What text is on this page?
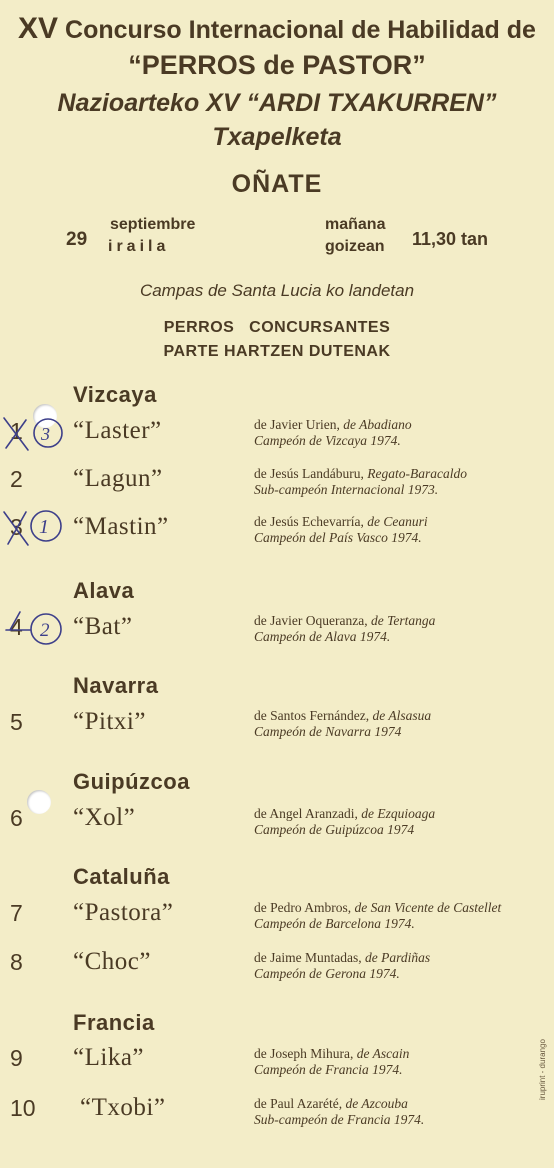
XV Concurso Internacional de Habilidad de
“PERROS de PASTOR”
Nazioarteko XV “ARDI TXAKURREN”
Txapelketa
OÑATE
29
septiembre
iraila
mañana
goizean 11,30 tan
Campas de Santa Lucia ko landetan
PERROS   CONCURSANTES
PARTE HARTZEN DUTENAK
Vizcaya
Alava
Navarra
Guipúzcoa
Cataluña
Francia
1 “Laster”	de Javier Urien, de Abadiano
Campeón de Vizcaya 1974.
2 “Lagun”	de Jesús Landáburu, Regato-Baracaldo
Sub-campeón Internacional 1973.
3 “Mastin”	de Jesús Echevarría, de Ceanuri
Campeón del País Vasco 1974.
4 “Bat”	de Javier Oqueranza, de Tertanga
Campeón de Alava 1974.
5 “Pitxi”	de Santos Fernández, de Alsasua
Campeón de Navarra 1974
6 “Xol”	de Angel Aranzadi, de Ezquioaga
Campeón de Guipúzcoa 1974
7 “Pastora”	de Pedro Ambros, de San Vicente de Castellet
Campeón de Barcelona 1974.
8 “Choc”	de Jaime Muntadas, de Pardiñas
Campeón de Gerona 1974.
9 “Lika”	de Joseph Mihura, de Ascain
Campeón de Francia 1974.
10 “Txobi”	de Paul Azarété, de Azcouba
Sub-campeón de Francia 1974.
3
1
2
iruprint - durango
